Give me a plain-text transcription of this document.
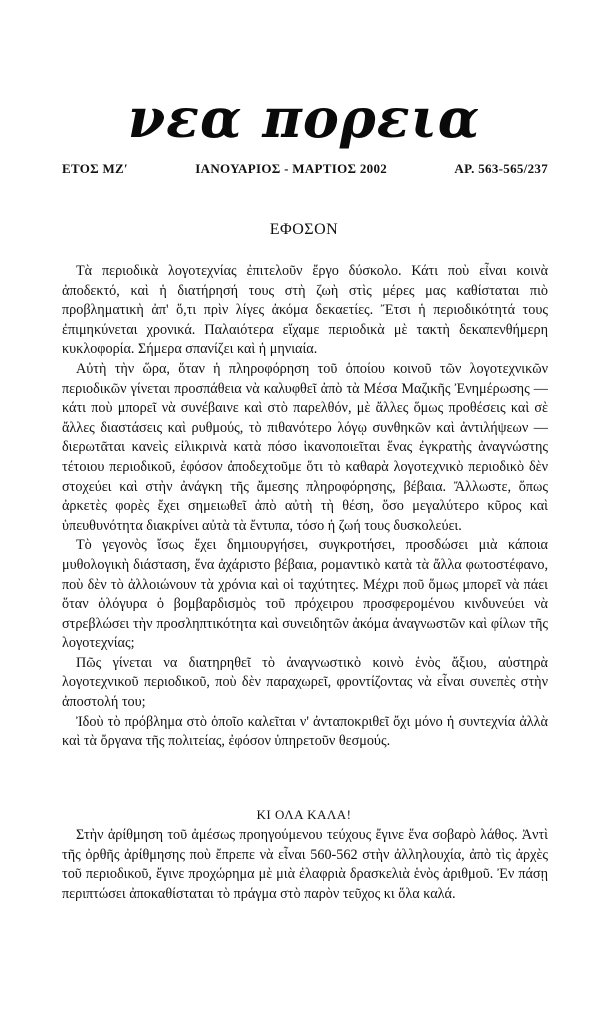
νεα πορεια
ΕΤΟΣ ΜΖ′	ΙΑΝΟΥΑΡΙΟΣ - ΜΑΡΤΙΟΣ 2002	ΑΡ. 563-565/237
ΕΦΟΣΟΝ

Τὰ περιοδικὰ λογοτεχνίας ἐπιτελοῦν ἔργο δύσκολο. Κάτι ποὺ εἶναι κοινὰ ἀποδεκτό, καὶ ἡ διατήρησή τους στὴ ζωὴ στὶς μέρες μας καθίσταται πιὸ προβληματικὴ ἀπ' ὅ,τι πρὶν λίγες ἀκόμα δεκαετίες. Ἔτσι ἡ περιοδικότητά τους ἐπιμηκύνεται χρονικά. Παλαιότερα εἴχαμε περιοδικὰ μὲ τακτὴ δεκαπενθήμερη κυκλοφορία. Σήμερα σπανίζει καὶ ἡ μηνιαία.

Αὐτὴ τὴν ὥρα, ὅταν ἡ πληροφόρηση τοῦ ὁποίου κοινοῦ τῶν λογοτεχνικῶν περιοδικῶν γίνεται προσπάθεια νὰ καλυφθεῖ ἀπὸ τὰ Μέσα Μαζικῆς Ἐνημέρωσης — κάτι ποὺ μπορεῖ νὰ συνέβαινε καὶ στὸ παρελθόν, μὲ ἄλλες ὅμως προθέσεις καὶ σὲ ἄλλες διαστάσεις καὶ ρυθμούς, τὸ πιθανότερο λόγῳ συνθηκῶν καὶ ἀντιλήψεων — διερωτᾶται κανεὶς εἰλικρινὰ κατὰ πόσο ἱκανοποιεῖται ἕνας ἐγκρατὴς ἀναγνώστης τέτοιου περιοδικοῦ, ἐφόσον ἀποδεχτοῦμε ὅτι τὸ καθαρὰ λογοτεχνικὸ περιοδικὸ δὲν στοχεύει καὶ στὴν ἀνάγκη τῆς ἄμεσης πληροφόρησης, βέβαια. Ἄλλωστε, ὅπως ἀρκετὲς φορὲς ἔχει σημειωθεῖ ἀπὸ αὐτὴ τὴ θέση, ὅσο μεγαλύτερο κῦρος καὶ ὑπευθυνότητα διακρίνει αὐτὰ τὰ ἔντυπα, τόσο ἡ ζωή τους δυσκολεύει.

Τὸ γεγονὸς ἴσως ἔχει δημιουργήσει, συγκροτήσει, προσδώσει μιὰ κάποια μυθολογικὴ διάσταση, ἕνα ἀχάριστο βέβαια, ρομαντικὸ κατὰ τὰ ἄλλα φωτοστέφανο, ποὺ δὲν τὸ ἀλλοιώνουν τὰ χρόνια καὶ οἱ ταχύτητες. Μέχρι ποῦ ὅμως μπορεῖ νὰ πάει ὅταν ὁλόγυρα ὁ βομβαρδισμὸς τοῦ πρόχειρου προσφερομένου κινδυνεύει νὰ στρεβλώσει τὴν προσληπτικότητα καὶ συνειδητῶν ἀκόμα ἀναγνωστῶν καὶ φίλων τῆς λογοτεχνίας;

Πῶς γίνεται να διατηρηθεῖ τὸ ἀναγνωστικὸ κοινὸ ἑνὸς ἄξιου, αὐστηρὰ λογοτεχνικοῦ περιοδικοῦ, ποὺ δὲν παραχωρεῖ, φροντίζοντας νὰ εἶναι συνεπὲς στὴν ἀποστολή του;

Ἰδοὺ τὸ πρόβλημα στὸ ὁποῖο καλεῖται ν' ἀνταποκριθεῖ ὄχι μόνο ἡ συντεχνία ἀλλὰ καὶ τὰ ὄργανα τῆς πολιτείας, ἐφόσον ὑπηρετοῦν θεσμούς.

ΚΙ ΟΛΑ ΚΑΛΑ!

Στὴν ἀρίθμηση τοῦ ἀμέσως προηγούμενου τεύχους ἔγινε ἕνα σοβαρὸ λάθος. Ἀντὶ τῆς ὀρθῆς ἀρίθμησης ποὺ ἔπρεπε νὰ εἶναι 560-562 στὴν ἀλληλουχία, ἀπὸ τὶς ἀρχὲς τοῦ περιοδικοῦ, ἔγινε προχώρημα μὲ μιὰ ἐλαφριὰ δρασκελιὰ ἑνὸς ἀριθμοῦ. Ἐν πάσῃ περιπτώσει ἀποκαθίσταται τὸ πράγμα στὸ παρὸν τεῦχος κι ὅλα καλά.
